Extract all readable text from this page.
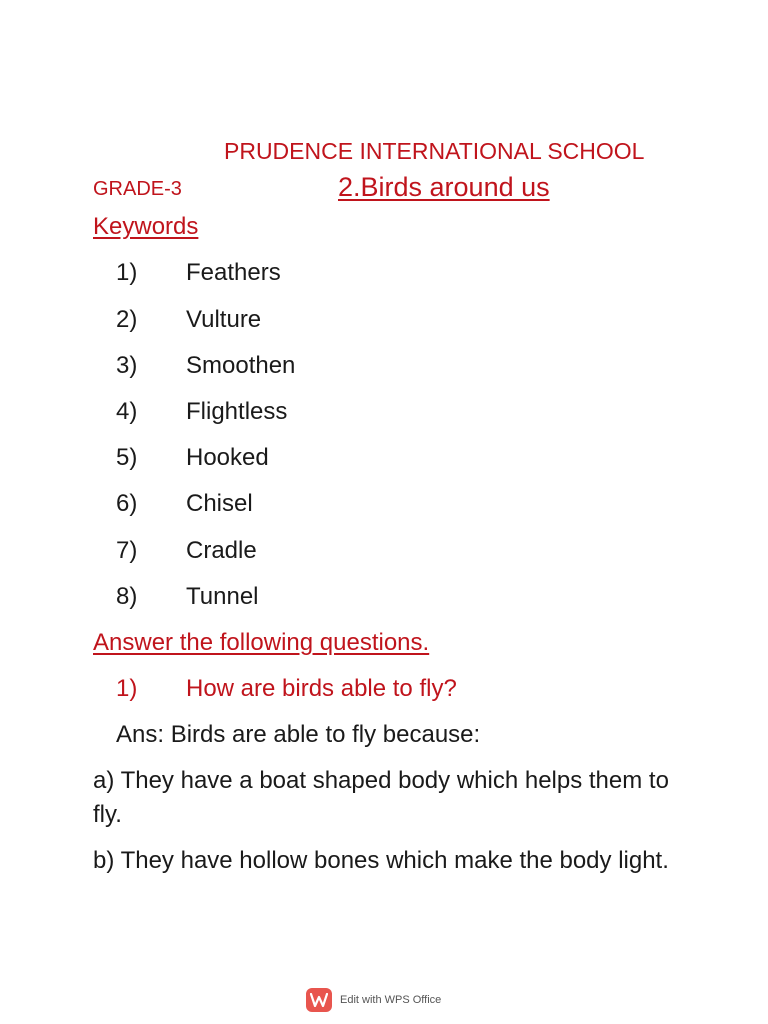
PRUDENCE INTERNATIONAL SCHOOL
GRADE-3	2.Birds around us
Keywords
1) Feathers
2) Vulture
3) Smoothen
4) Flightless
5) Hooked
6) Chisel
7) Cradle
8) Tunnel
Answer the following questions.
1) How are birds able to fly?
Ans: Birds are able to fly because:
a) They have a boat shaped body which helps them to fly.
b) They have hollow bones which make the body light.
Edit with WPS Office
